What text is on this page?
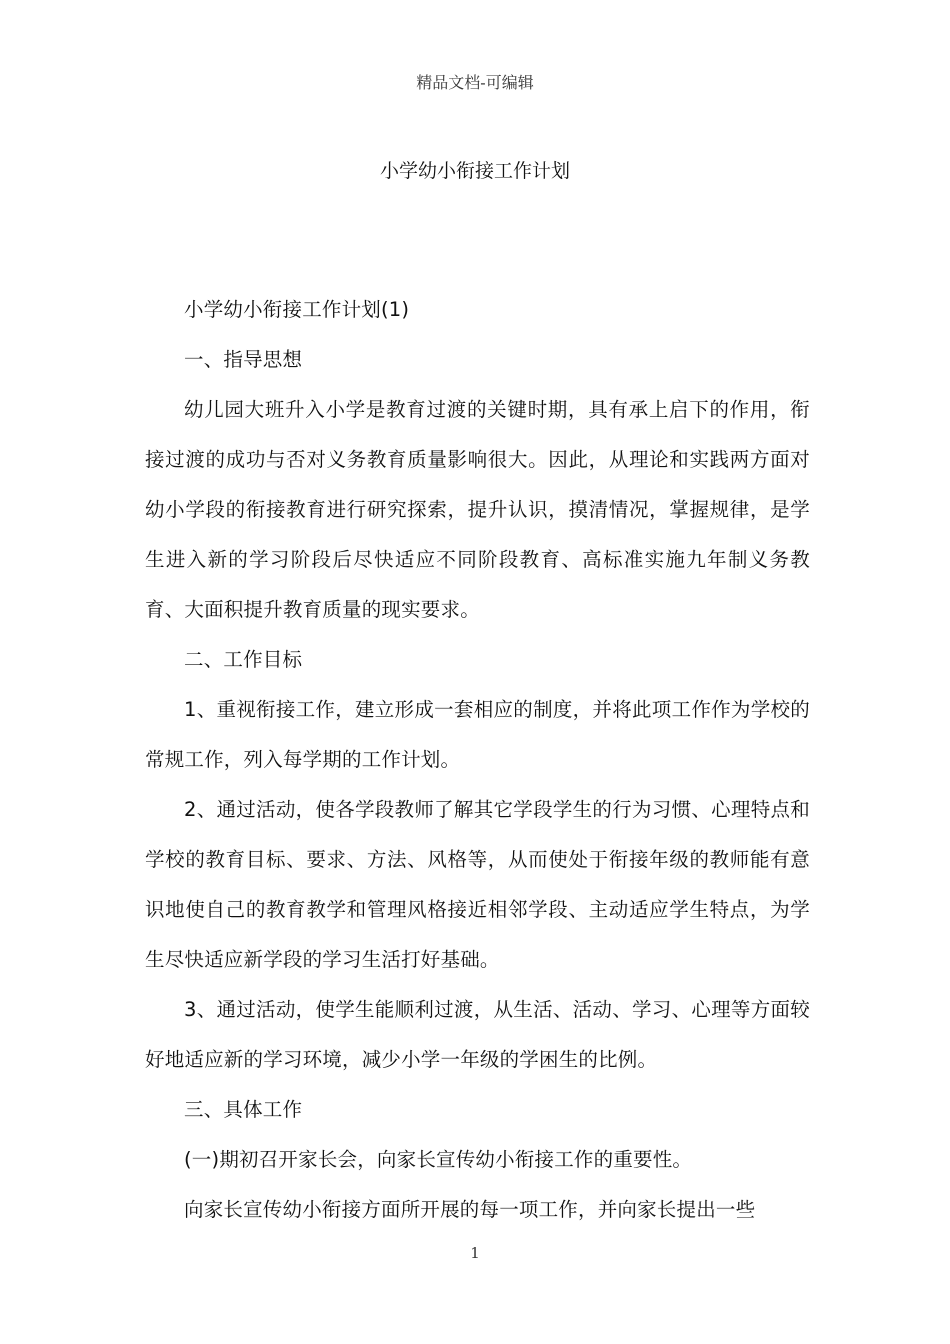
精品文档-可编辑
小学幼小衔接工作计划

小学幼小衔接工作计划(1)

一、指导思想

幼儿园大班升入小学是教育过渡的关键时期，具有承上启下的作用，衔接过渡的成功与否对义务教育质量影响很大。因此，从理论和实践两方面对幼小学段的衔接教育进行研究探索，提升认识，摸清情况，掌握规律，是学生进入新的学习阶段后尽快适应不同阶段教育、高标准实施九年制义务教育、大面积提升教育质量的现实要求。

二、工作目标

1、重视衔接工作，建立形成一套相应的制度，并将此项工作作为学校的常规工作，列入每学期的工作计划。

2、通过活动，使各学段教师了解其它学段学生的行为习惯、心理特点和学校的教育目标、要求、方法、风格等，从而使处于衔接年级的教师能有意识地使自己的教育教学和管理风格接近相邻学段、主动适应学生特点，为学生尽快适应新学段的学习生活打好基础。

3、通过活动，使学生能顺利过渡，从生活、活动、学习、心理等方面较好地适应新的学习环境，减少小学一年级的学困生的比例。

三、具体工作

(一)期初召开家长会，向家长宣传幼小衔接工作的重要性。

向家长宣传幼小衔接方面所开展的每一项工作，并向家长提出一些

1
